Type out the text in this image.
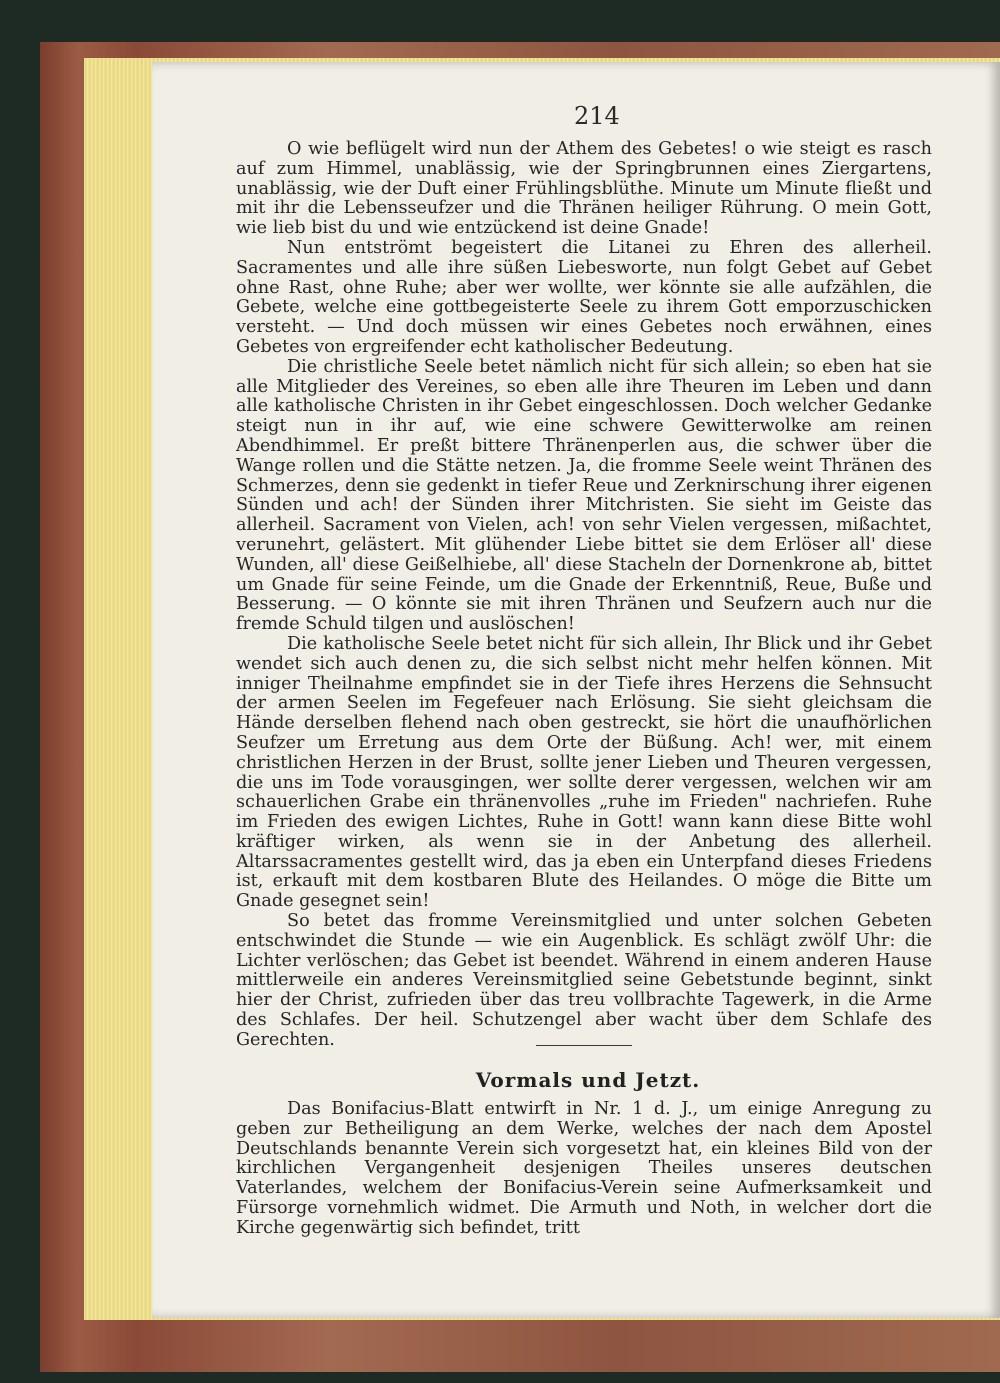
214

O wie beflügelt wird nun der Athem des Gebetes! o wie steigt es rasch auf zum Himmel, unablässig, wie der Springbrunnen eines Ziergartens, unablässig, wie der Duft einer Frühlingsblüthe. Minute um Minute fließt und mit ihr die Lebensseufzer und die Thränen heiliger Rührung. O mein Gott, wie lieb bist du und wie entzückend ist deine Gnade!

Nun entströmt begeistert die Litanei zu Ehren des allerheil. Sacramentes und alle ihre süßen Liebesworte, nun folgt Gebet auf Gebet ohne Rast, ohne Ruhe; aber wer wollte, wer könnte sie alle aufzählen, die Gebete, welche eine gottbegeisterte Seele zu ihrem Gott emporzuschicken versteht. — Und doch müssen wir eines Gebetes noch erwähnen, eines Gebetes von ergreifender echt katholischer Bedeutung.

Die christliche Seele betet nämlich nicht für sich allein; so eben hat sie alle Mitglieder des Vereines, so eben alle ihre Theuren im Leben und dann alle katholische Christen in ihr Gebet eingeschlossen. Doch welcher Gedanke steigt nun in ihr auf, wie eine schwere Gewitterwolke am reinen Abendhimmel. Er preßt bittere Thränenperlen aus, die schwer über die Wange rollen und die Stätte netzen. Ja, die fromme Seele weint Thränen des Schmerzes, denn sie gedenkt in tiefer Reue und Zerknirschung ihrer eigenen Sünden und ach! der Sünden ihrer Mitchristen. Sie sieht im Geiste das allerheil. Sacrament von Vielen, ach! von sehr Vielen vergessen, mißachtet, verunehrt, gelästert. Mit glühender Liebe bittet sie dem Erlöser all' diese Wunden, all' diese Geißelhiebe, all' diese Stacheln der Dornenkrone ab, bittet um Gnade für seine Feinde, um die Gnade der Erkenntniß, Reue, Buße und Besserung. — O könnte sie mit ihren Thränen und Seufzern auch nur die fremde Schuld tilgen und auslöschen!

Die katholische Seele betet nicht für sich allein, Ihr Blick und ihr Gebet wendet sich auch denen zu, die sich selbst nicht mehr helfen können. Mit inniger Theilnahme empfindet sie in der Tiefe ihres Herzens die Sehnsucht der armen Seelen im Fegefeuer nach Erlösung. Sie sieht gleichsam die Hände derselben flehend nach oben gestreckt, sie hört die unaufhörlichen Seufzer um Erretung aus dem Orte der Büßung. Ach! wer, mit einem christlichen Herzen in der Brust, sollte jener Lieben und Theuren vergessen, die uns im Tode vorausgingen, wer sollte derer vergessen, welchen wir am schauerlichen Grabe ein thränenvolles „ruhe im Frieden" nachriefen. Ruhe im Frieden des ewigen Lichtes, Ruhe in Gott! wann kann diese Bitte wohl kräftiger wirken, als wenn sie in der Anbetung des allerheil. Altarssacramentes gestellt wird, das ja eben ein Unterpfand dieses Friedens ist, erkauft mit dem kostbaren Blute des Heilandes. O möge die Bitte um Gnade gesegnet sein!

So betet das fromme Vereinsmitglied und unter solchen Gebeten entschwindet die Stunde — wie ein Augenblick. Es schlägt zwölf Uhr: die Lichter verlöschen; das Gebet ist beendet. Während in einem anderen Hause mittlerweile ein anderes Vereinsmitglied seine Gebetstunde beginnt, sinkt hier der Christ, zufrieden über das treu vollbrachte Tagewerk, in die Arme des Schlafes. Der heil. Schutzengel aber wacht über dem Schlafe des Gerechten.

Vormals und Jetzt.

Das Bonifacius-Blatt entwirft in Nr. 1 d. J., um einige Anregung zu geben zur Betheiligung an dem Werke, welches der nach dem Apostel Deutschlands benannte Verein sich vorgesetzt hat, ein kleines Bild von der kirchlichen Vergangenheit desjenigen Theiles unseres deutschen Vaterlandes, welchem der Bonifacius-Verein seine Aufmerksamkeit und Fürsorge vornehmlich widmet. Die Armuth und Noth, in welcher dort die Kirche gegenwärtig sich befindet, tritt
